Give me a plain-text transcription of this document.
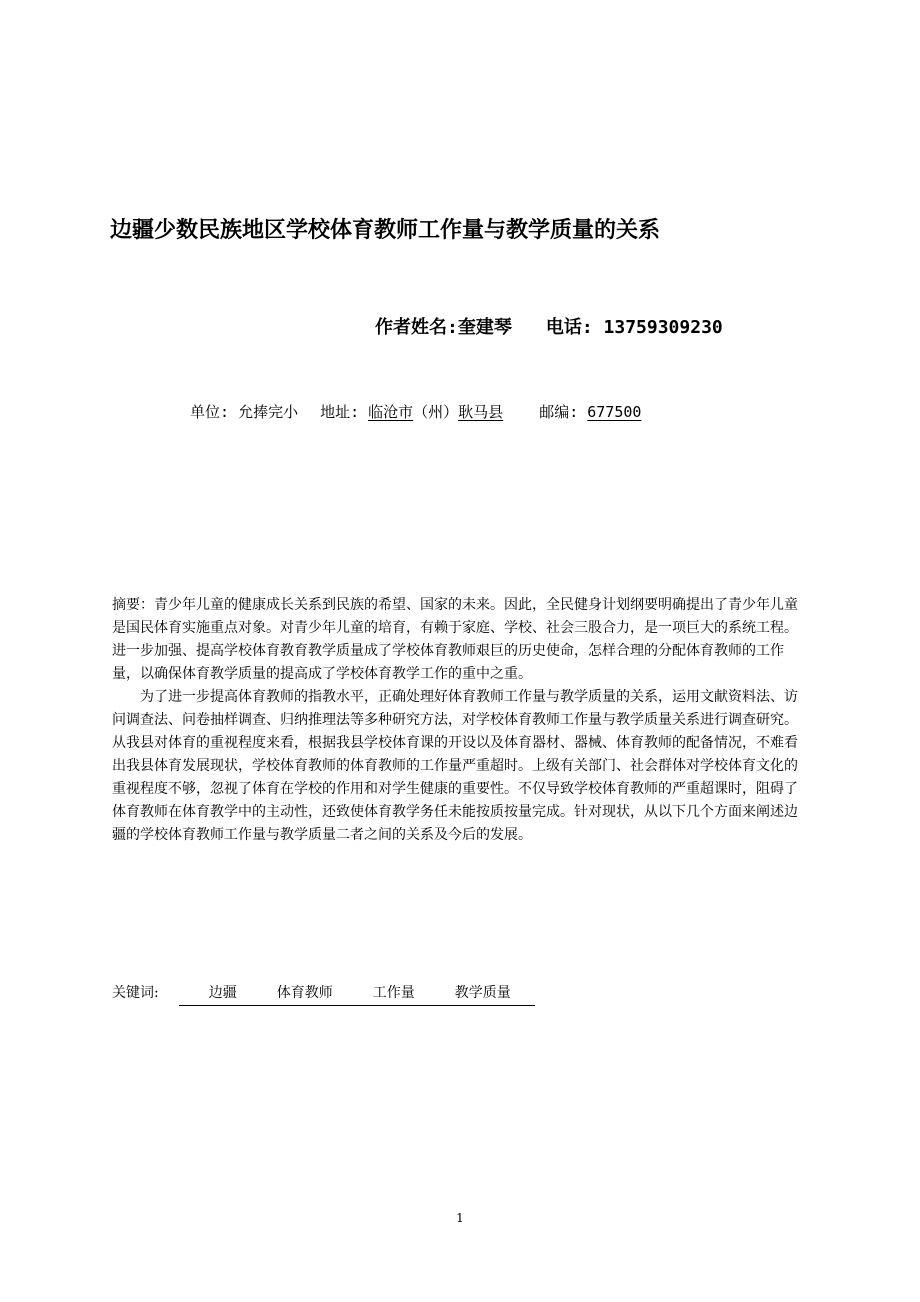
边疆少数民族地区学校体育教师工作量与教学质量的关系
作者姓名:奎建琴 电话: 13759309230
单位: 允捧完小 地址: 临沧市（州）耿马县 邮编: 677500

摘要：青少年儿童的健康成长关系到民族的希望、国家的未来。因此，全民健身计划纲要明确提出了青少年儿童是国民体育实施重点对象。对青少年儿童的培育，有赖于家庭、学校、社会三股合力，是一项巨大的系统工程。进一步加强、提高学校体育教育教学质量成了学校体育教师艰巨的历史使命，怎样合理的分配体育教师的工作量，以确保体育教学质量的提高成了学校体育教学工作的重中之重。

为了进一步提高体育教师的指教水平，正确处理好体育教师工作量与教学质量的关系，运用文献资料法、访问调查法、问卷抽样调查、归纳推理法等多种研究方法，对学校体育教师工作量与教学质量关系进行调查研究。从我县对体育的重视程度来看，根据我县学校体育课的开设以及体育器材、器械、体育教师的配备情况，不难看出我县体育发展现状，学校体育教师的体育教师的工作量严重超时。上级有关部门、社会群体对学校体育文化的重视程度不够，忽视了体育在学校的作用和对学生健康的重要性。不仅导致学校体育教师的严重超课时，阻碍了体育教师在体育教学中的主动性，还致使体育教学务任未能按质按量完成。针对现状，从以下几个方面来阐述边疆的学校体育教师工作量与教学质量二者之间的关系及今后的发展。

关键词:	边疆	体育教师	工作量	教学质量
1
